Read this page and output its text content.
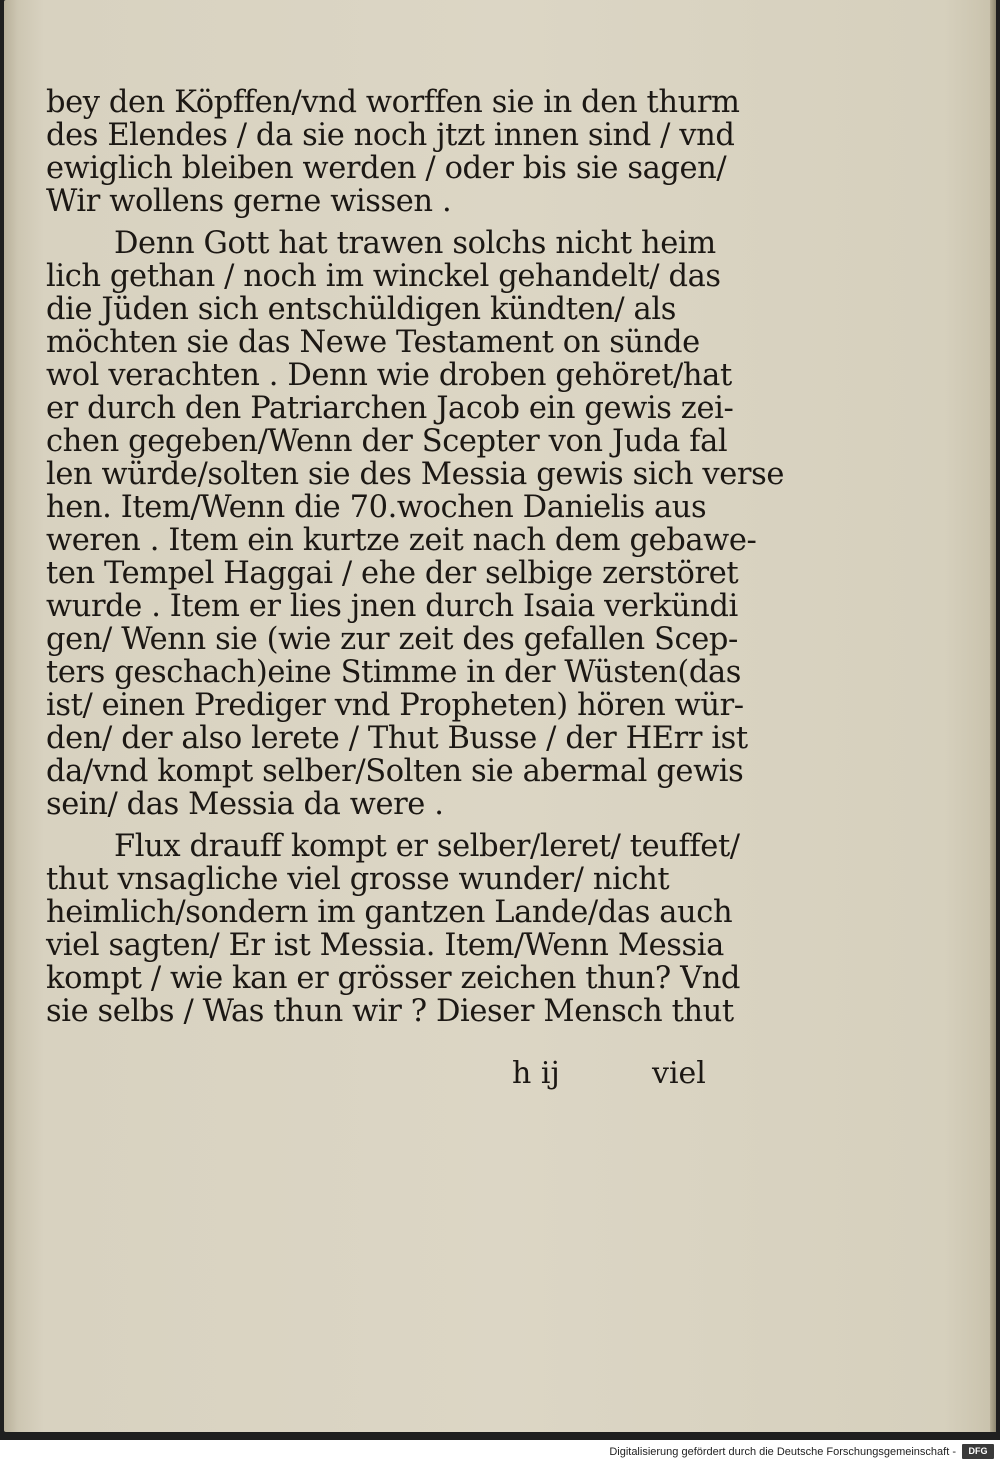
bey den Köpffen/vnd worffen sie in den thurm
des Elendes / da sie noch jtzt innen sind / vnd
ewiglich bleiben werden / oder bis sie sagen/
Wir wollens gerne wissen .
Denn Gott hat trawen solchs nicht heim
lich gethan / noch im winckel gehandelt/ das
die Jüden sich entschüldigen kündten/ als
möchten sie das Newe Testament on sünde
wol verachten . Denn wie droben gehöret/hat
er durch den Patriarchen Jacob ein gewis zei-
chen gegeben/Wenn der Scepter von Juda fal
len würde/solten sie des Messia gewis sich verse
hen. Item/Wenn die 70.wochen Danielis aus
weren . Item ein kurtze zeit nach dem gebawe-
ten Tempel Haggai / ehe der selbige zerstöret
wurde . Item er lies jnen durch Isaia verkündi
gen/ Wenn sie (wie zur zeit des gefallen Scep-
ters geschach)eine Stimme in der Wüsten(das
ist/ einen Prediger vnd Propheten) hören wür-
den/ der also lerete / Thut Busse / der HErr ist
da/vnd kompt selber/Solten sie abermal gewis
sein/ das Messia da were .
Flux drauff kompt er selber/leret/ teuffet/
thut vnsagliche viel grosse wunder/ nicht
heimlich/sondern im gantzen Lande/das auch
viel sagten/ Er ist Messia. Item/Wenn Messia
kompt / wie kan er grösser zeichen thun? Vnd
sie selbs / Was thun wir ? Dieser Mensch thut
h ij	viel
Digitalisierung gefördert durch die Deutsche Forschungsgemeinschaft -	DFG
